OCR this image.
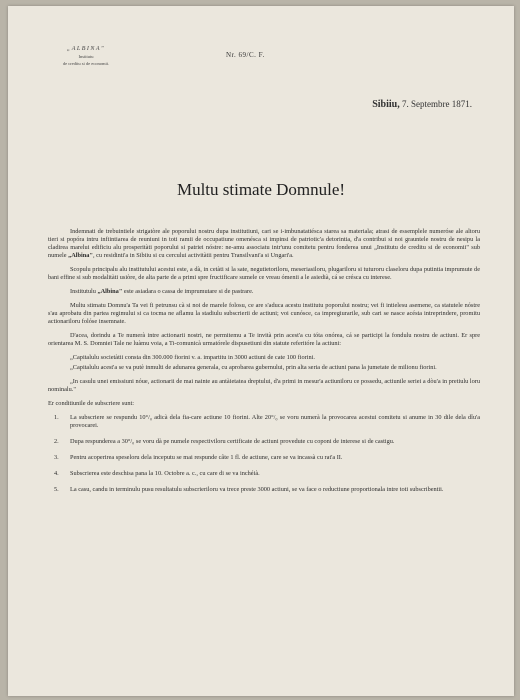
„ALBINA"
Institutu
de creditu si de economii.
Nr. 69/C. F.
Sibiiu, 7. Septembre 1871.
Multu stimate Domnule!

Indemnati de trebuintiele strigatòre ale poporului nostru dupa institutiuni, cari se i-imbunatatiésca starea sa materiala; atrasi de essemplele numeróse ale altoru tieri si popóra intru infiintiarea de reuniuni in toti ramii de occupatiune omenésca si impinsi de patriotic'a detorintia, d'a contribui si noi grauntele nostru de nesipu la cladirea marelui edificiu alu prosperitàti poporului si patriei nóstre: ne-amu associatu intr'unu comitetu pentru fonderea unui „Institutu de creditu si de economii" sub numele „Albina", cu residinti'a in Sibiiu si cu cercului activitàtii pentru Transilvani'a si Ungari'a.

Scopulu principalu alu institutului acestui este, a dà, in cetàti si la sate, negutietoriloru, meseriasiloru, plugariloru si tuturoru claseloru dupa putintia imprumute de bani effine si sub modalitàti usiòre, de alta parte de a primi spre fructificare sumele ce vreau ómenii a le asiedià, cá se crésca cu interese.

Institutulu „Albina" este asiadara o cassa de imprumutare si de pastrare.

Multu stimatu Domnu'a Ta vei fi petrunsu cà si noi de marele folosu, ce are s'aduca acestu institutu poporului nostru; vei fi intielesu asemene, ca statutele nóstre s'au aprobatu din partea regimului si ca tocma ne aflamu la stadiulu subscrierii de actiuni; voi cunósce, ca impregiurarile, sub cari se nasce acésta intreprindere, promitu actionariloru folóse insemnate.

D'acea, dorindu a Te numerà intre actionarii nostri, ne permitemu a Te invità prin acest'a cu tóta onórea, cá se participi la fondulu nostru de actiuni. Er spre orientarea M. S. Domniei Tale ne luàmu voia, a Ti-comunicà urmatórele dispusetiuni din statute referitóre la actiuni:

„Capitalulu societàtii consta din 300.000 fiorini v. a. impartitu in 3000 actiuni de cate 100 fiorini.

„Capitalulu acest'a se va putè inmulti de adunarea generala, cu aprobarea gubernului, prin alta seria de actiuni pana la jumetate de milionu fiorini.

„In casulu unei emissiuni nóue, actionarii de mai nainte au antàietatea dreptului, d'a primi in mesur'a actiuniloru ce possedu, actiunile seriei a dòu'a in pretiulu loru nominalu."

Er conditiunile de subscriere sunt:

1. La subscriere se respundu 10°/₀ adicà dela fia-care actiune 10 fiorini. Alte 20°/₀ se voru numerà la provocarea acestui comitetu si anume in 30 dile dela dîu'a provocarei.
2. Dupa respunderea a 30°/₀ se voru dà pe numele respectiviloru certificate de actiuni provedute cu coponi de interese si de castigu.
3. Pentru acoperirea speseloru dela inceputu se mai respunde câte 1 fl. de actiune, care se va incassà cu rat'a II.
4. Subscrierea este deschisa pana la 10. Octobre a. c., cu care di se va inchéià.
5. La casu, candu in terminulu pusu resultatulu subscrieriloru va trece preste 3000 actiuni, se va face o reductiune proportionala intre toti subscribentii.
